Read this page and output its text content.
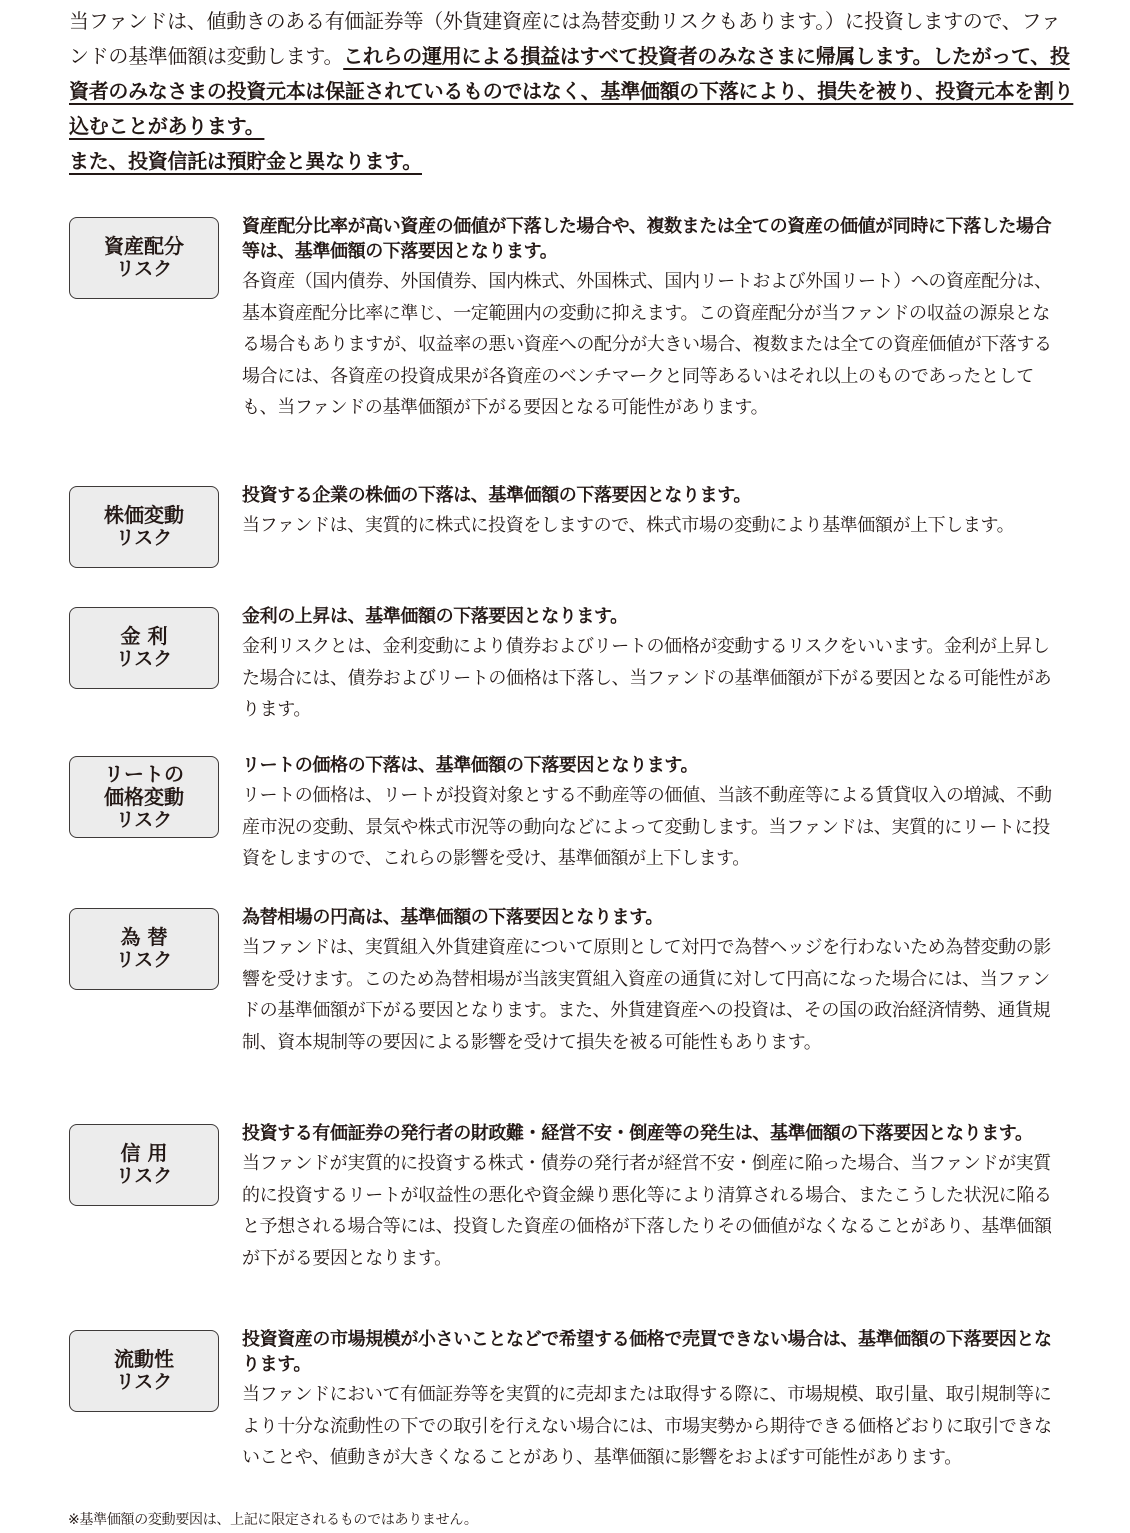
当ファンドは、値動きのある有価証券等（外貨建資産には為替変動リスクもあります。）に投資しますので、ファンドの基準価額は変動します。これらの運用による損益はすべて投資者のみなさまに帰属します。したがって、投資者のみなさまの投資元本は保証されているものではなく、基準価額の下落により、損失を被り、投資元本を割り込むことがあります。
また、投資信託は預貯金と異なります。
資産配分
リスク
資産配分比率が高い資産の価値が下落した場合や、複数または全ての資産の価値が同時に下落した場合等は、基準価額の下落要因となります。
各資産（国内債券、外国債券、国内株式、外国株式、国内リートおよび外国リート）への資産配分は、基本資産配分比率に準じ、一定範囲内の変動に抑えます。この資産配分が当ファンドの収益の源泉となる場合もありますが、収益率の悪い資産への配分が大きい場合、複数または全ての資産価値が下落する場合には、各資産の投資成果が各資産のベンチマークと同等あるいはそれ以上のものであったとしても、当ファンドの基準価額が下がる要因となる可能性があります。
株価変動
リスク
投資する企業の株価の下落は、基準価額の下落要因となります。
当ファンドは、実質的に株式に投資をしますので、株式市場の変動により基準価額が上下します。
金 利
リスク
金利の上昇は、基準価額の下落要因となります。
金利リスクとは、金利変動により債券およびリートの価格が変動するリスクをいいます。金利が上昇した場合には、債券およびリートの価格は下落し、当ファンドの基準価額が下がる要因となる可能性があります。
リートの
価格変動
リスク
リートの価格の下落は、基準価額の下落要因となります。
リートの価格は、リートが投資対象とする不動産等の価値、当該不動産等による賃貸収入の増減、不動産市況の変動、景気や株式市況等の動向などによって変動します。当ファンドは、実質的にリートに投資をしますので、これらの影響を受け、基準価額が上下します。
為 替
リスク
為替相場の円高は、基準価額の下落要因となります。
当ファンドは、実質組入外貨建資産について原則として対円で為替ヘッジを行わないため為替変動の影響を受けます。このため為替相場が当該実質組入資産の通貨に対して円高になった場合には、当ファンドの基準価額が下がる要因となります。また、外貨建資産への投資は、その国の政治経済情勢、通貨規制、資本規制等の要因による影響を受けて損失を被る可能性もあります。
信 用
リスク
投資する有価証券の発行者の財政難・経営不安・倒産等の発生は、基準価額の下落要因となります。
当ファンドが実質的に投資する株式・債券の発行者が経営不安・倒産に陥った場合、当ファンドが実質的に投資するリートが収益性の悪化や資金繰り悪化等により清算される場合、またこうした状況に陥ると予想される場合等には、投資した資産の価格が下落したりその価値がなくなることがあり、基準価額が下がる要因となります。
流動性
リスク
投資資産の市場規模が小さいことなどで希望する価格で売買できない場合は、基準価額の下落要因となります。
当ファンドにおいて有価証券等を実質的に売却または取得する際に、市場規模、取引量、取引規制等により十分な流動性の下での取引を行えない場合には、市場実勢から期待できる価格どおりに取引できないことや、値動きが大きくなることがあり、基準価額に影響をおよぼす可能性があります。
※基準価額の変動要因は、上記に限定されるものではありません。
